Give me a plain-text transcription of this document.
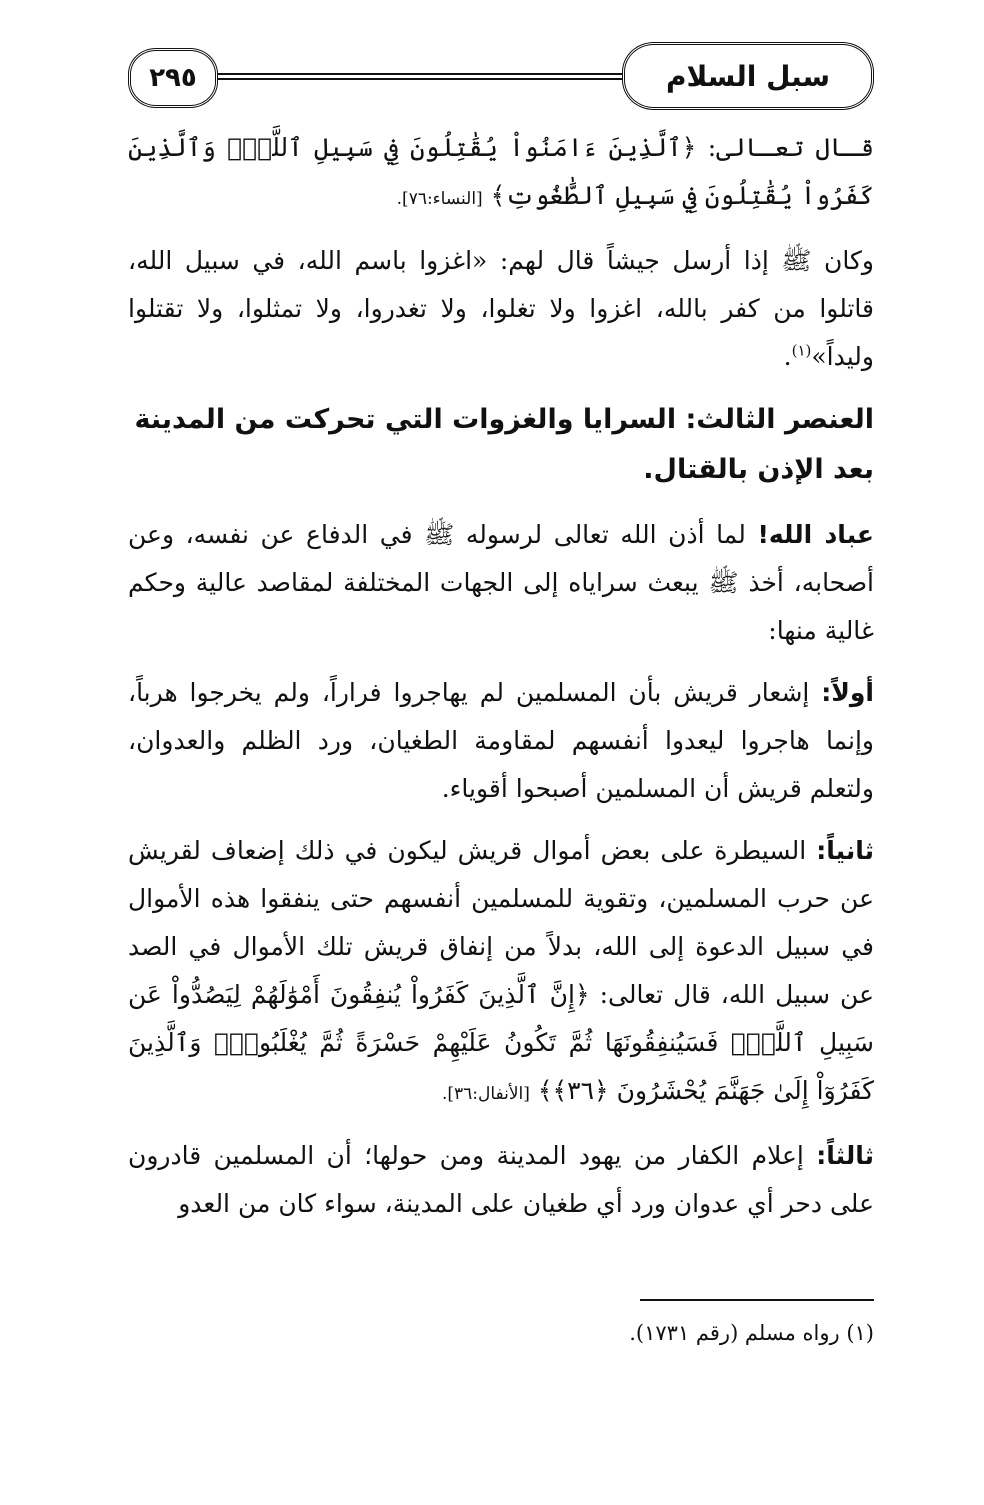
٢٩٥	سبل السلام

قـال تعـالى: ﴿ٱلَّذِينَ ءَامَنُواْ يُقَٰتِلُونَ فِي سَبِيلِ ٱللَّهِۖ وَٱلَّذِينَ كَفَرُواْ يُقَٰتِلُونَ فِي سَبِيلِ ٱلطَّٰغُوتِ﴾ [النساء:٧٦].

وكان ﷺ إذا أرسل جيشاً قال لهم: «اغزوا باسم الله، في سبيل الله، قاتلوا من كفر بالله، اغزوا ولا تغلوا، ولا تغدروا، ولا تمثلوا، ولا تقتلوا وليداً»$^{(١)}$.

العنصر الثالث: السرايا والغزوات التي تحركت من المدينة بعد الإذن بالقتال.

عباد الله! لما أذن الله تعالى لرسوله ﷺ في الدفاع عن نفسه، وعن أصحابه، أخذ ﷺ يبعث سراياه إلى الجهات المختلفة لمقاصد عالية وحكم غالية منها:

أولاً: إشعار قريش بأن المسلمين لم يهاجروا فراراً، ولم يخرجوا هرباً، وإنما هاجروا ليعدوا أنفسهم لمقاومة الطغيان، ورد الظلم والعدوان، ولتعلم قريش أن المسلمين أصبحوا أقوياء.

ثانياً: السيطرة على بعض أموال قريش ليكون في ذلك إضعاف لقريش عن حرب المسلمين، وتقوية للمسلمين أنفسهم حتى ينفقوا هذه الأموال في سبيل الدعوة إلى الله، بدلاً من إنفاق قريش تلك الأموال في الصد عن سبيل الله، قال تعالى: ﴿إِنَّ ٱلَّذِينَ كَفَرُواْ يُنفِقُونَ أَمْوَٰلَهُمْ لِيَصُدُّواْ عَن سَبِيلِ ٱللَّهِۚ فَسَيُنفِقُونَهَا ثُمَّ تَكُونُ عَلَيْهِمْ حَسْرَةً ثُمَّ يُغْلَبُونَۗ وَٱلَّذِينَ كَفَرُوٓاْ إِلَىٰ جَهَنَّمَ يُحْشَرُونَ ﴿٣٦﴾﴾ [الأنفال:٣٦].

ثالثاً: إعلام الكفار من يهود المدينة ومن حولها؛ أن المسلمين قادرون على دحر أي عدوان ورد أي طغيان على المدينة، سواء كان من العدو

(١) رواه مسلم (رقم ١٧٣١).
